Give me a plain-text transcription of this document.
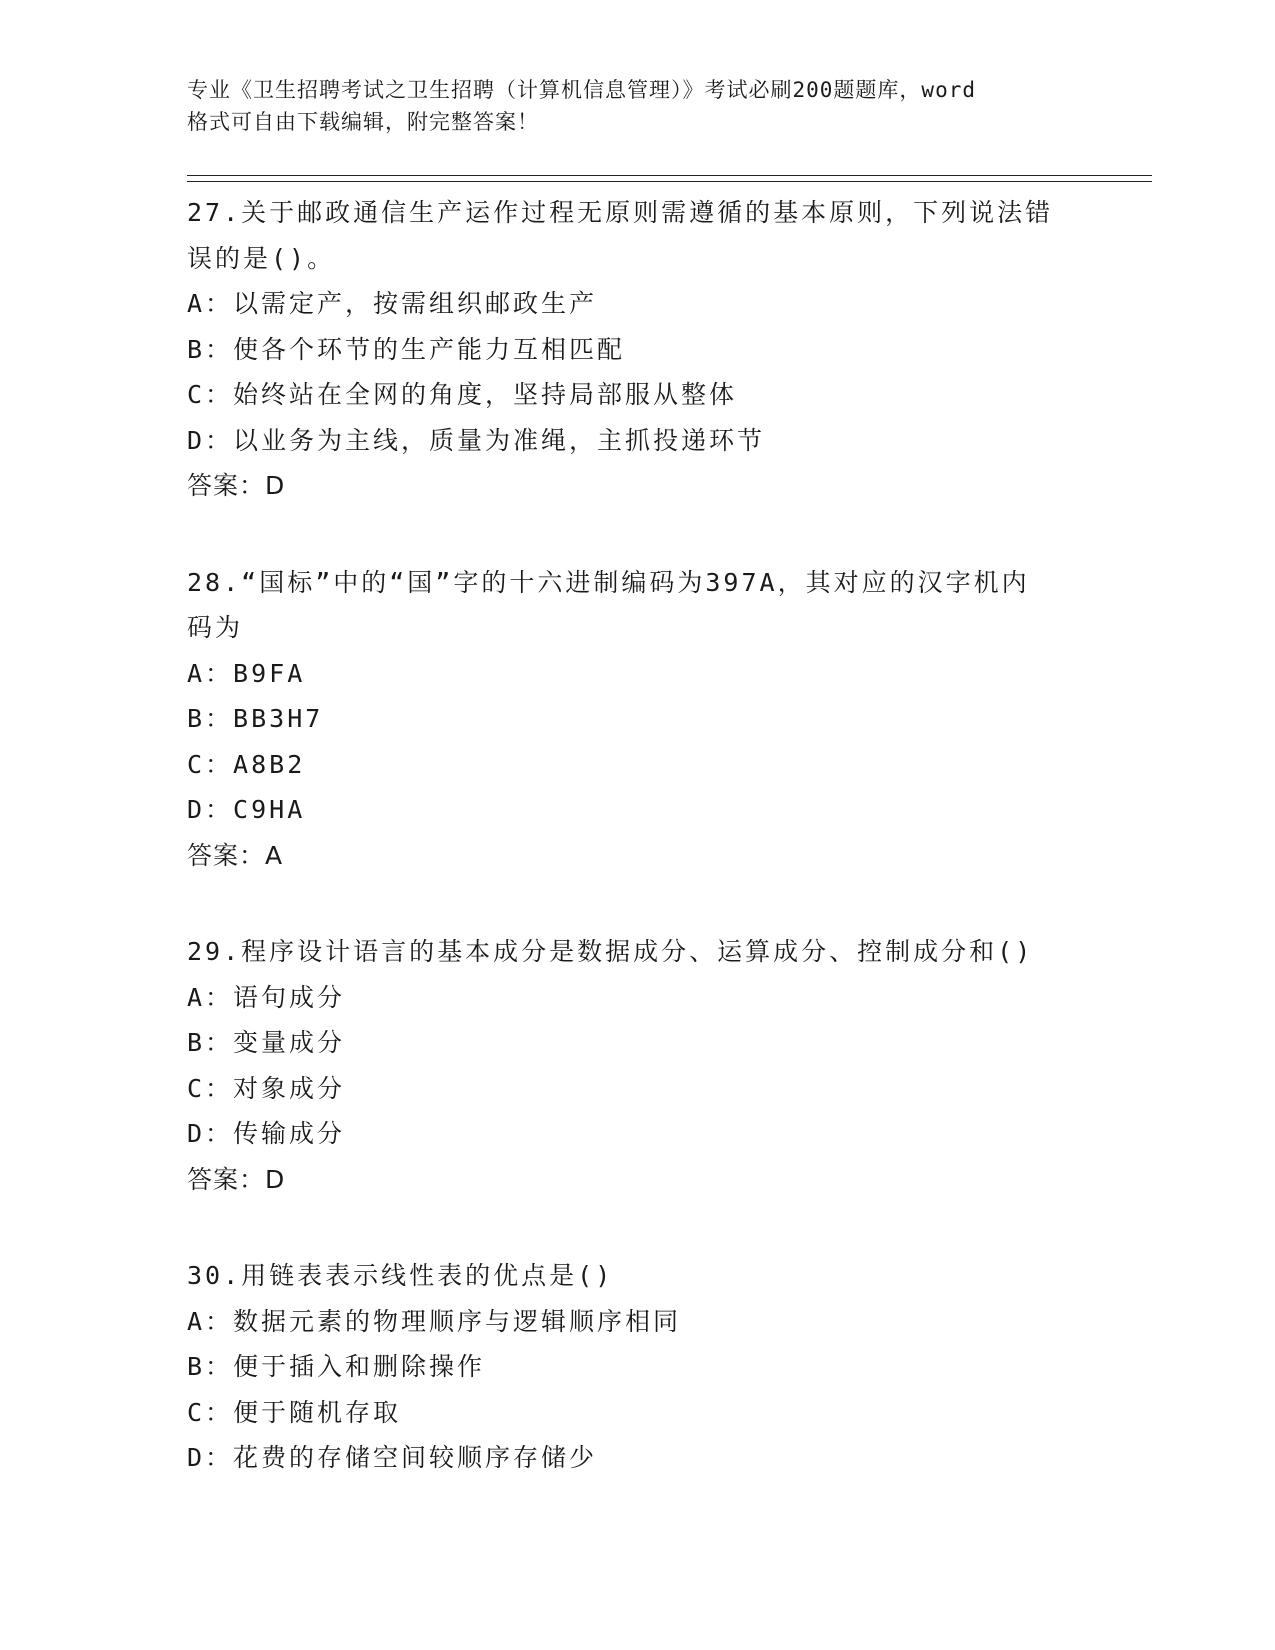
专业《卫生招聘考试之卫生招聘（计算机信息管理）》考试必刷200题题库，word
格式可自由下载编辑，附完整答案！
27.关于邮政通信生产运作过程无原则需遵循的基本原则，下列说法错
误的是()。
A：以需定产，按需组织邮政生产
B：使各个环节的生产能力互相匹配
C：始终站在全网的角度，坚持局部服从整体
D：以业务为主线，质量为准绳，主抓投递环节
答案：D
28.“国标”中的“国”字的十六进制编码为397A，其对应的汉字机内
码为
A：B9FA
B：BB3H7
C：A8B2
D：C9HA
答案：A
29.程序设计语言的基本成分是数据成分、运算成分、控制成分和()
A：语句成分
B：变量成分
C：对象成分
D：传输成分
答案：D
30.用链表表示线性表的优点是()
A：数据元素的物理顺序与逻辑顺序相同
B：便于插入和删除操作
C：便于随机存取
D：花费的存储空间较顺序存储少
